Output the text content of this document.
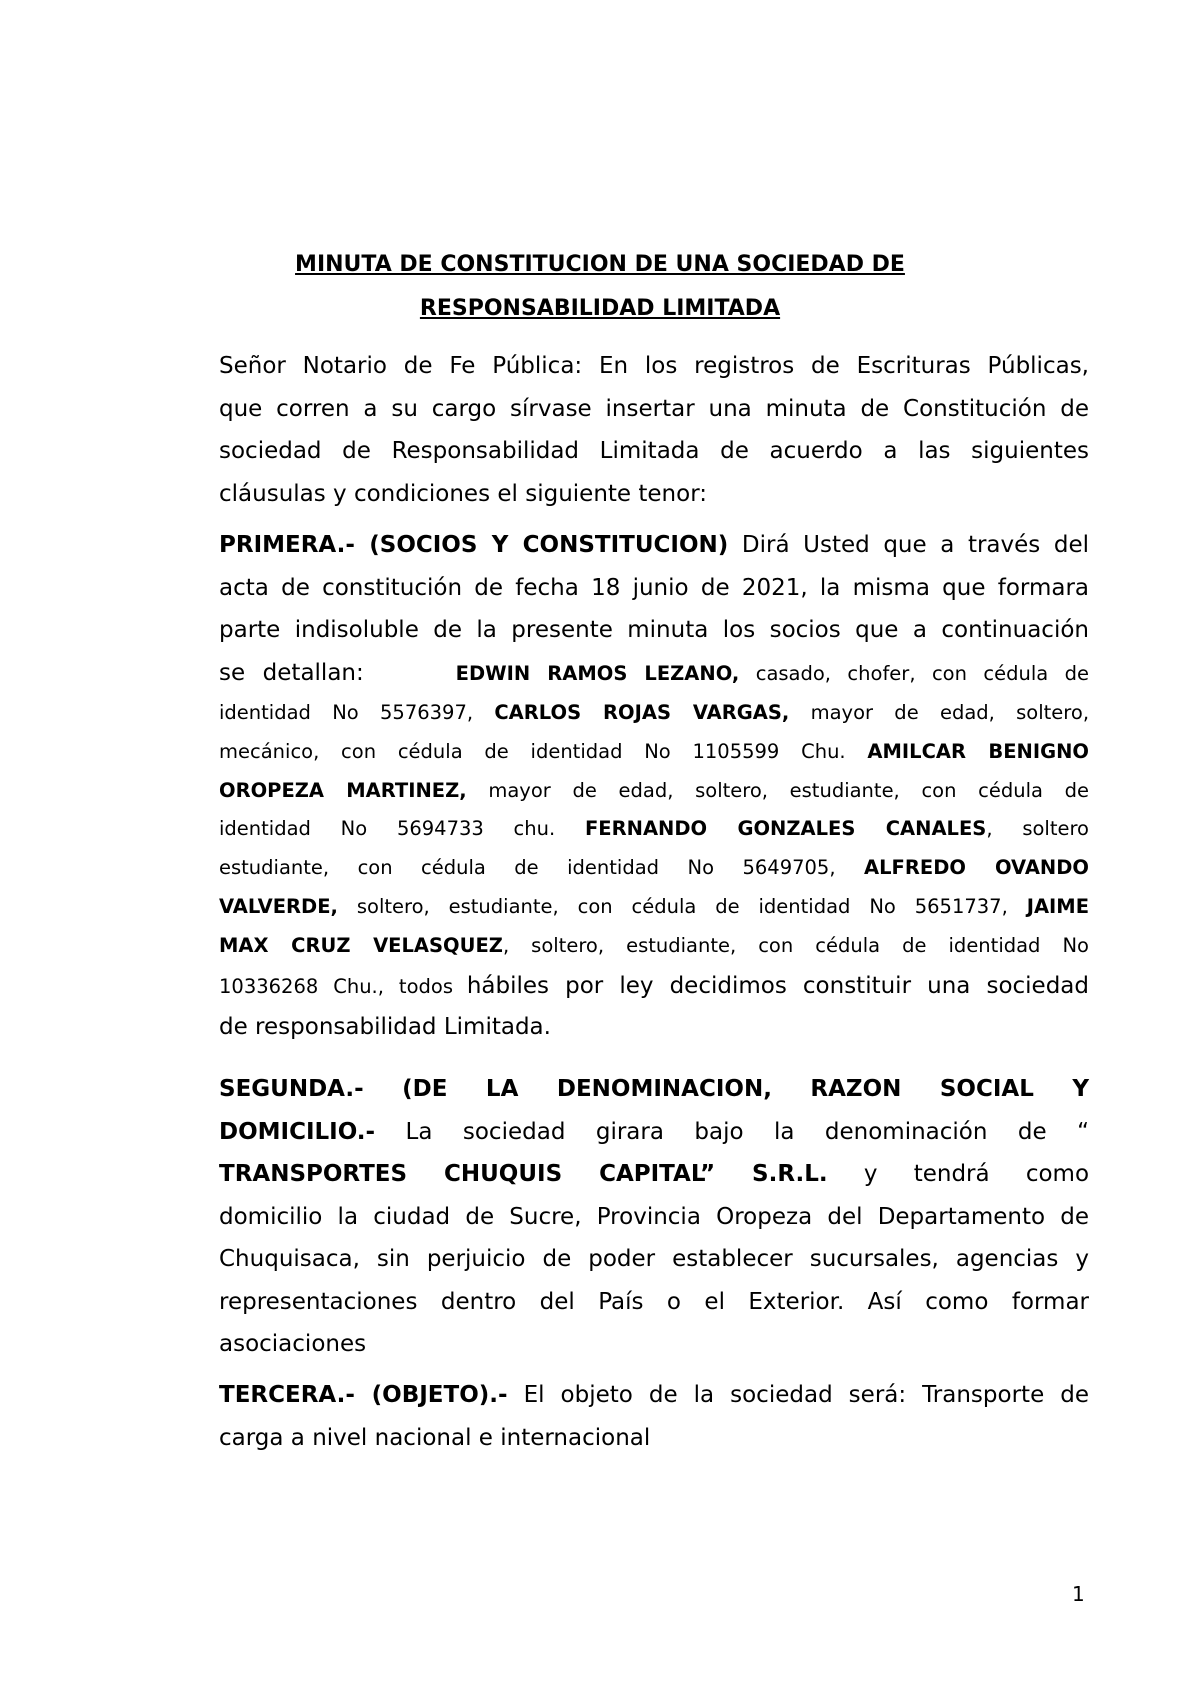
MINUTA DE CONSTITUCION DE UNA SOCIEDAD DE
RESPONSABILIDAD LIMITADA
Señor Notario de Fe Pública: En los registros de Escrituras Públicas,
que corren a su cargo sírvase insertar una minuta de Constitución de
sociedad de Responsabilidad Limitada de acuerdo a las siguientes
cláusulas y condiciones el siguiente tenor:
PRIMERA.- (SOCIOS Y CONSTITUCION) Dirá Usted que a través del
acta de constitución de fecha 18 junio de 2021, la misma que formara
parte indisoluble de la presente minuta los socios que a continuación
se detallan:	EDWIN RAMOS LEZANO, casado, chofer, con cédula de
identidad No 5576397, CARLOS ROJAS VARGAS, mayor de edad, soltero,
mecánico, con cédula de identidad No 1105599 Chu. AMILCAR BENIGNO
OROPEZA MARTINEZ, mayor de edad, soltero, estudiante, con cédula de
identidad No 5694733 chu. FERNANDO GONZALES CANALES, soltero
estudiante, con cédula de identidad No 5649705, ALFREDO OVANDO
VALVERDE, soltero, estudiante, con cédula de identidad No 5651737, JAIME
MAX CRUZ VELASQUEZ, soltero, estudiante, con cédula de identidad No
10336268 Chu., todos hábiles por ley decidimos constituir una sociedad
de responsabilidad Limitada.
SEGUNDA.- (DE LA DENOMINACION, RAZON SOCIAL Y
DOMICILIO.- La sociedad girara bajo la denominación de “
TRANSPORTES CHUQUIS CAPITAL” S.R.L. y tendrá como
domicilio la ciudad de Sucre, Provincia Oropeza del Departamento de
Chuquisaca, sin perjuicio de poder establecer sucursales, agencias y
representaciones dentro del País o el Exterior. Así como formar
asociaciones
TERCERA.- (OBJETO).- El objeto de la sociedad será: Transporte de
carga a nivel nacional e internacional
1
